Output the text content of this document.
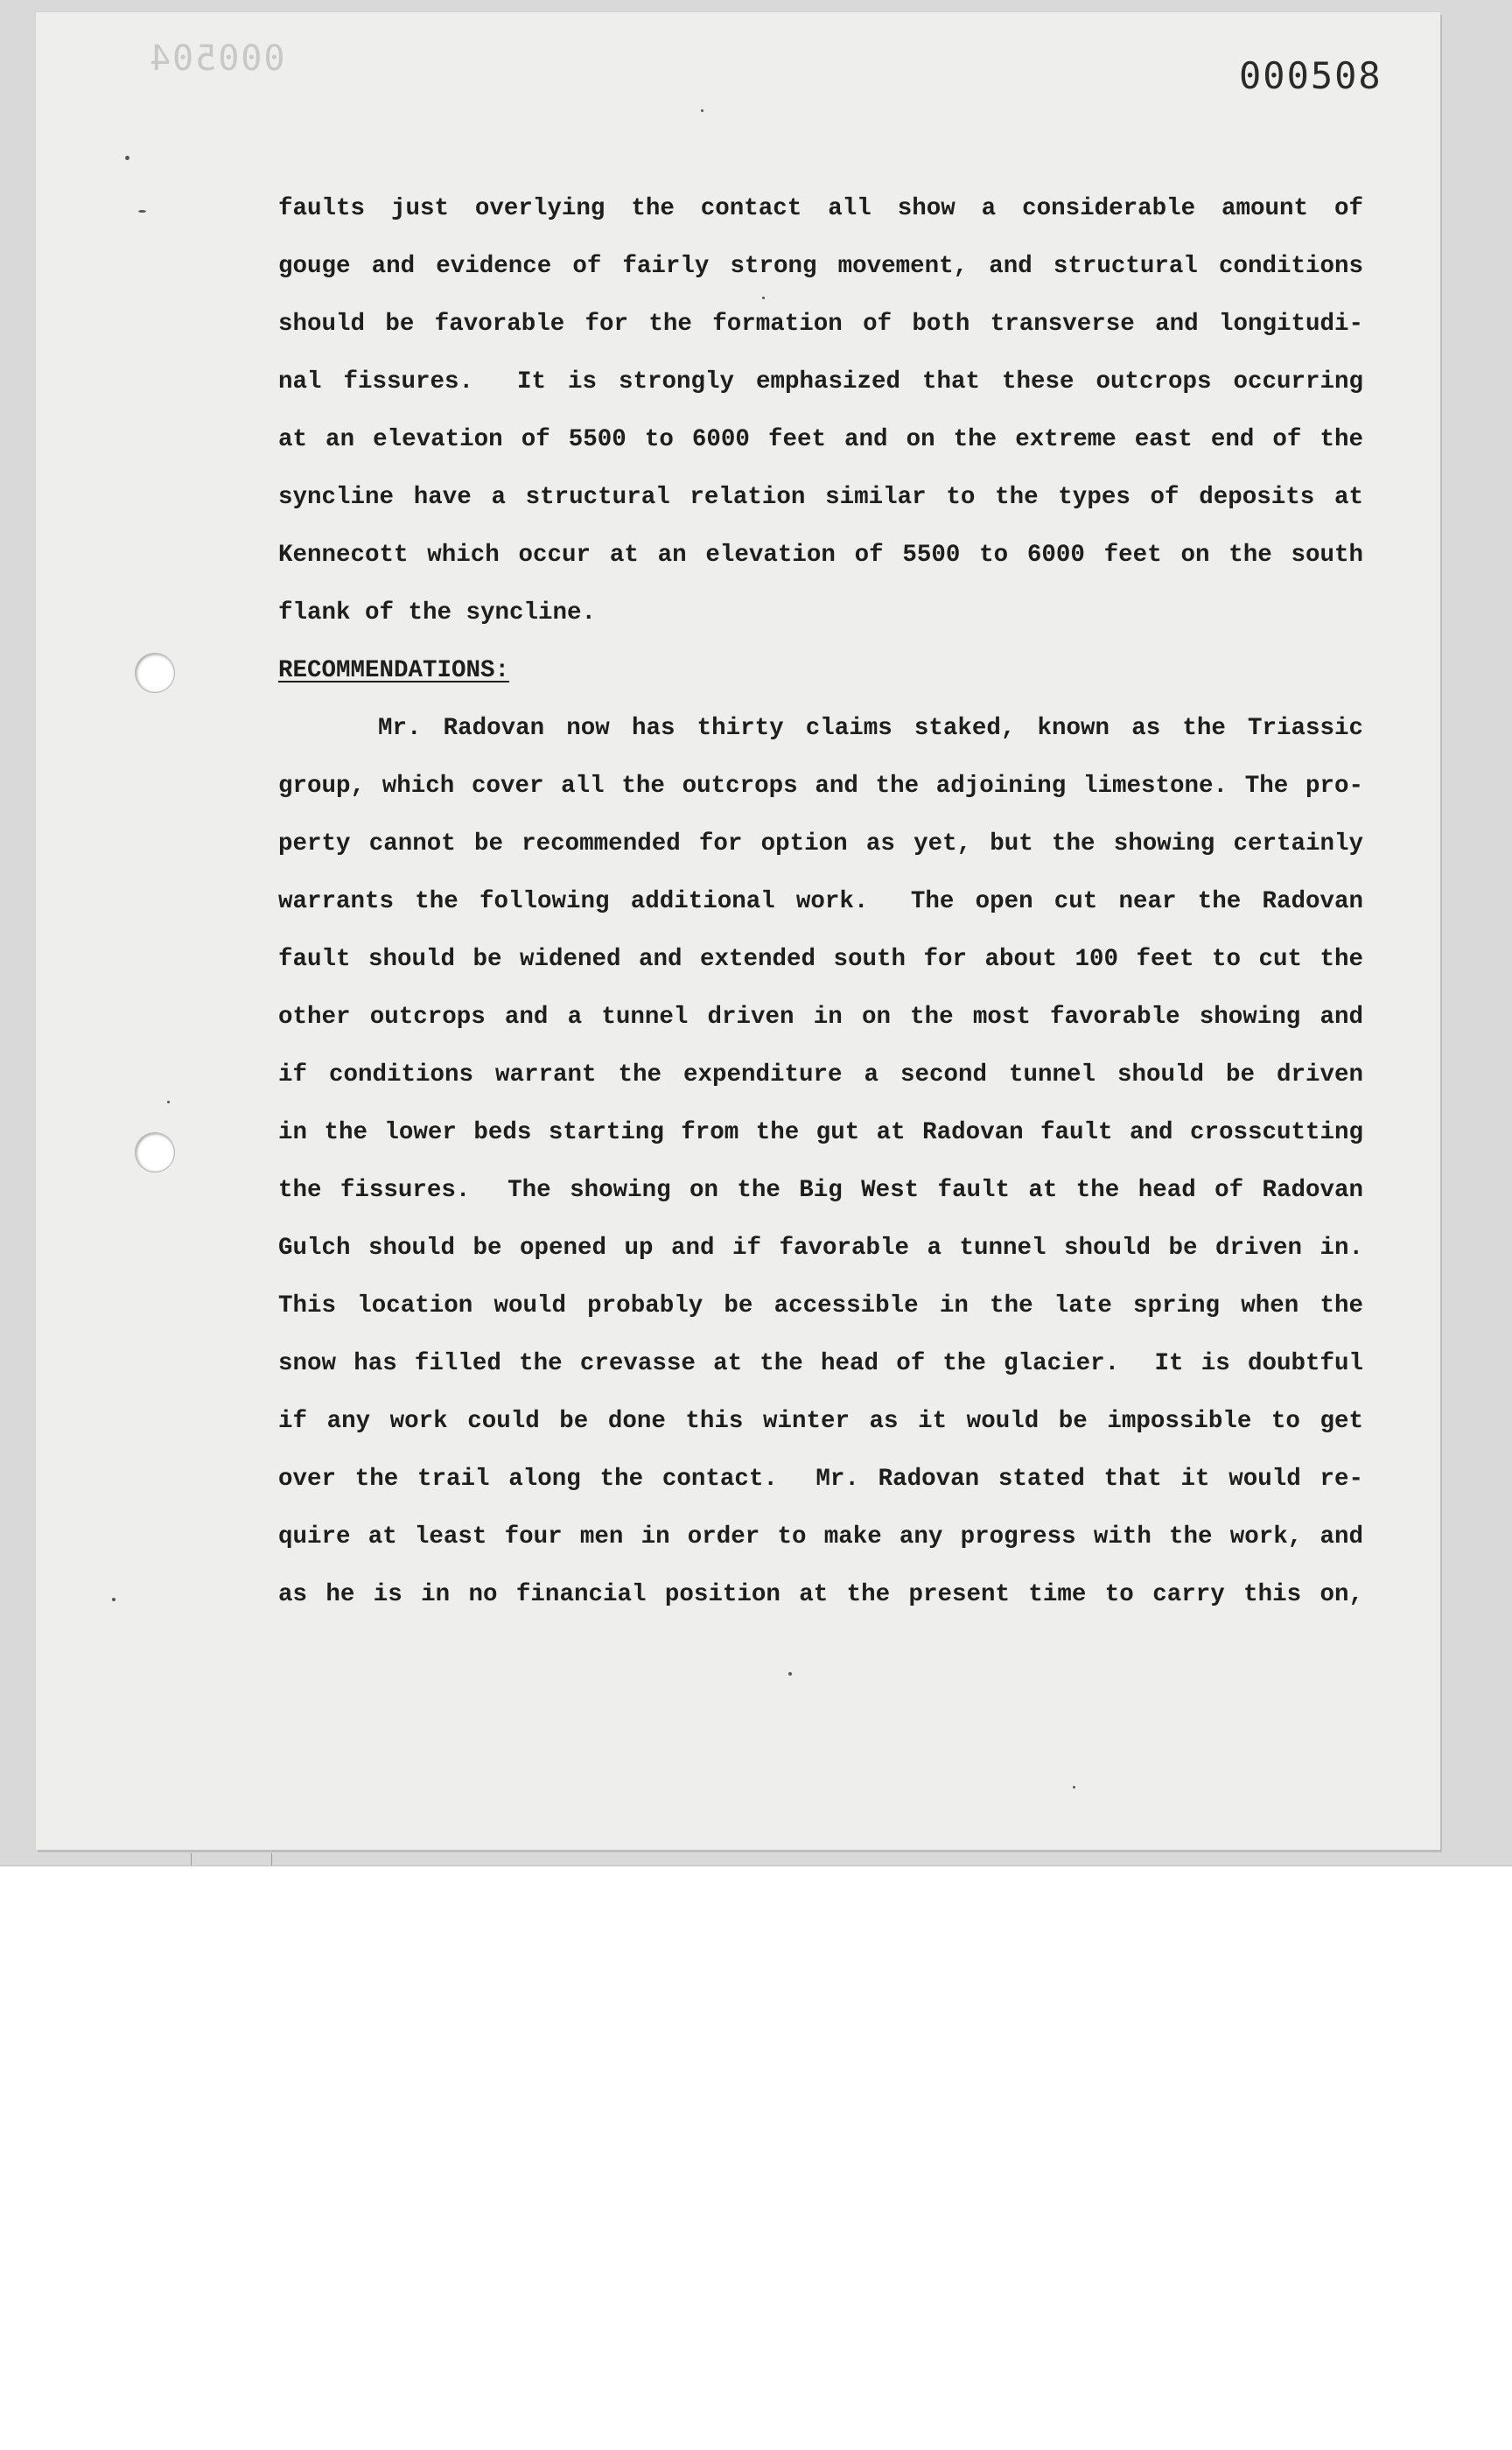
000504	000508
faults just overlying the contact all show a considerable amount of
gouge and evidence of fairly strong movement, and structural conditions
should be favorable for the formation of both transverse and longitudi-
nal fissures.  It is strongly emphasized that these outcrops occurring
at an elevation of 5500 to 6000 feet and on the extreme east end of the
syncline have a structural relation similar to the types of deposits at
Kennecott which occur at an elevation of 5500 to 6000 feet on the south
flank of the syncline.
RECOMMENDATIONS:
Mr. Radovan now has thirty claims staked, known as the Triassic
group, which cover all the outcrops and the adjoining limestone. The pro-
perty cannot be recommended for option as yet, but the showing certainly
warrants the following additional work.  The open cut near the Radovan
fault should be widened and extended south for about 100 feet to cut the
other outcrops and a tunnel driven in on the most favorable showing and
if conditions warrant the expenditure a second tunnel should be driven
in the lower beds starting from the gut at Radovan fault and crosscutting
the fissures.  The showing on the Big West fault at the head of Radovan
Gulch should be opened up and if favorable a tunnel should be driven in.
This location would probably be accessible in the late spring when the
snow has filled the crevasse at the head of the glacier.  It is doubtful
if any work could be done this winter as it would be impossible to get
over the trail along the contact.  Mr. Radovan stated that it would re-
quire at least four men in order to make any progress with the work, and
as he is in no financial position at the present time to carry this on,
